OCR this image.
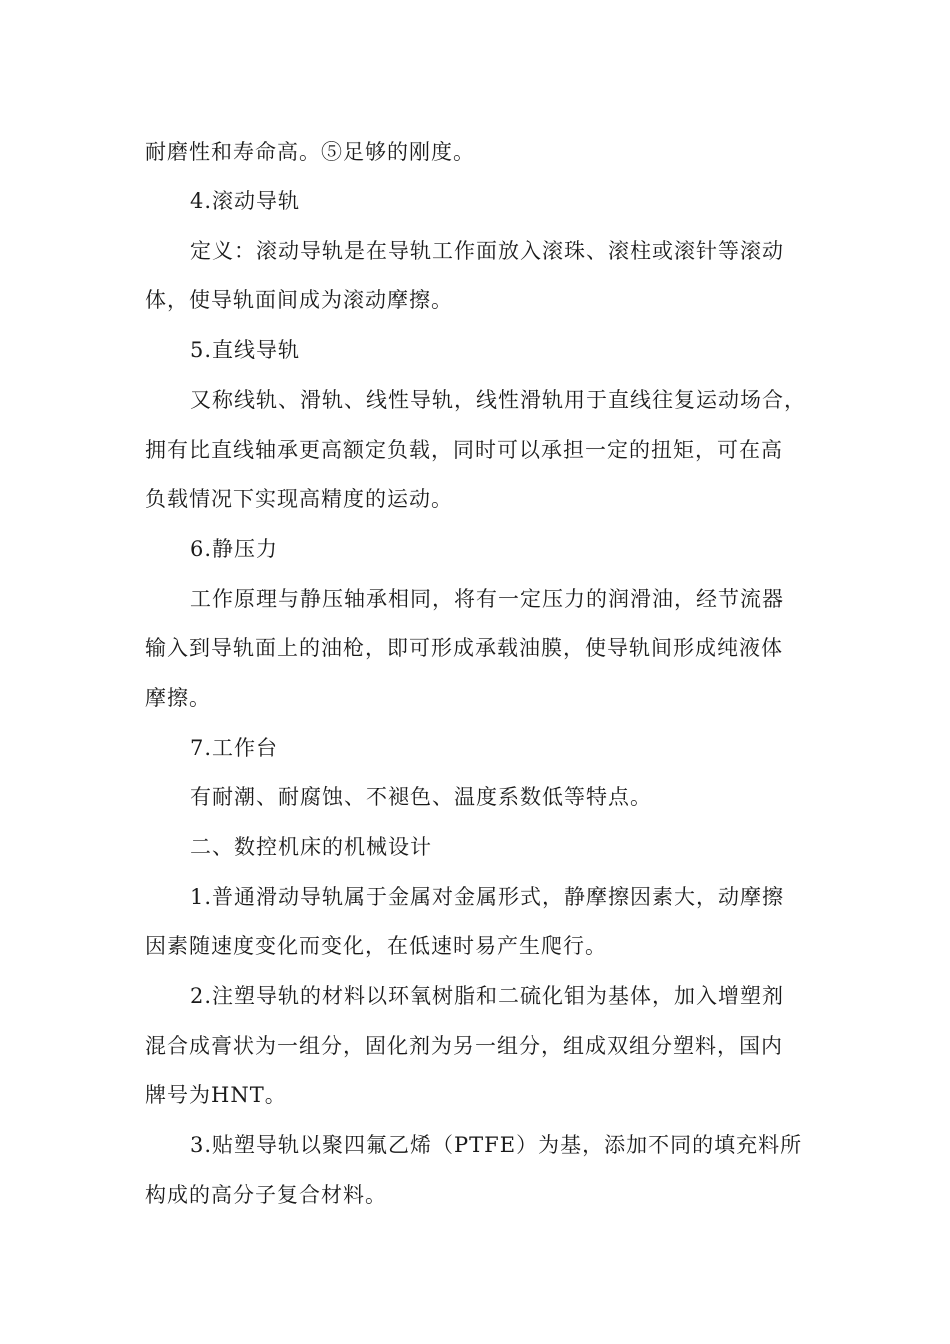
耐磨性和寿命高。⑤足够的刚度。
4.滚动导轨
定义：滚动导轨是在导轨工作面放入滚珠、滚柱或滚针等滚动
体，使导轨面间成为滚动摩擦。
5.直线导轨
又称线轨、滑轨、线性导轨，线性滑轨用于直线往复运动场合，
拥有比直线轴承更高额定负载，同时可以承担一定的扭矩，可在高
负载情况下实现高精度的运动。
6.静压力
工作原理与静压轴承相同，将有一定压力的润滑油，经节流器
输入到导轨面上的油枪，即可形成承载油膜，使导轨间形成纯液体
摩擦。
7.工作台
有耐潮、耐腐蚀、不褪色、温度系数低等特点。
二、数控机床的机械设计
1.普通滑动导轨属于金属对金属形式，静摩擦因素大，动摩擦
因素随速度变化而变化，在低速时易产生爬行。
2.注塑导轨的材料以环氧树脂和二硫化钼为基体，加入增塑剂
混合成膏状为一组分，固化剂为另一组分，组成双组分塑料，国内
牌号为HNT。
3.贴塑导轨以聚四氟乙烯（PTFE）为基，添加不同的填充料所
构成的高分子复合材料。
